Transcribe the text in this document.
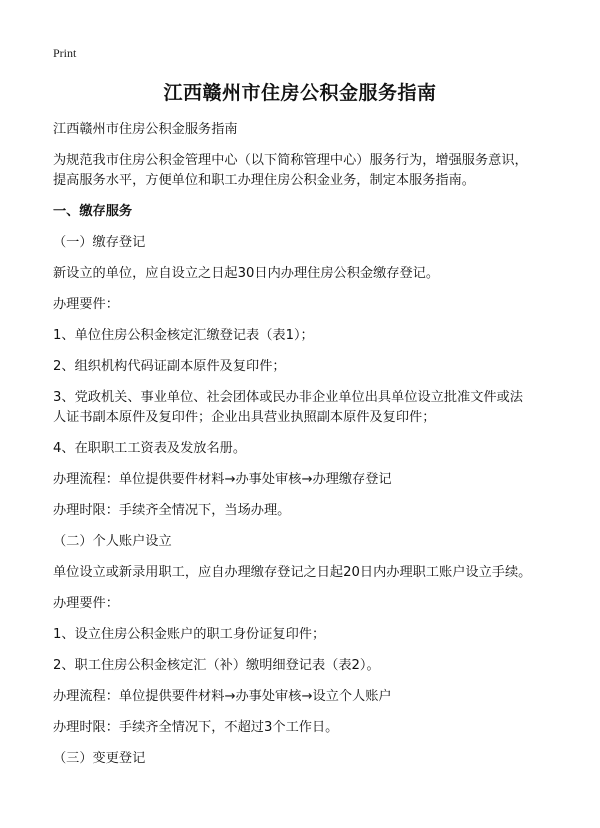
Print
江西赣州市住房公积金服务指南
江西赣州市住房公积金服务指南
为规范我市住房公积金管理中心（以下简称管理中心）服务行为，增强服务意识，
提高服务水平，方便单位和职工办理住房公积金业务，制定本服务指南。
一、缴存服务
（一）缴存登记
新设立的单位，应自设立之日起30日内办理住房公积金缴存登记。
办理要件：
1、单位住房公积金核定汇缴登记表（表1）；
2、组织机构代码证副本原件及复印件；
3、党政机关、事业单位、社会团体或民办非企业单位出具单位设立批准文件或法
人证书副本原件及复印件；企业出具营业执照副本原件及复印件；
4、在职职工工资表及发放名册。
办理流程：单位提供要件材料→办事处审核→办理缴存登记
办理时限：手续齐全情况下，当场办理。
（二）个人账户设立
单位设立或新录用职工，应自办理缴存登记之日起20日内办理职工账户设立手续。
办理要件：
1、设立住房公积金账户的职工身份证复印件；
2、职工住房公积金核定汇（补）缴明细登记表（表2）。
办理流程：单位提供要件材料→办事处审核→设立个人账户
办理时限：手续齐全情况下，不超过3个工作日。
（三）变更登记
